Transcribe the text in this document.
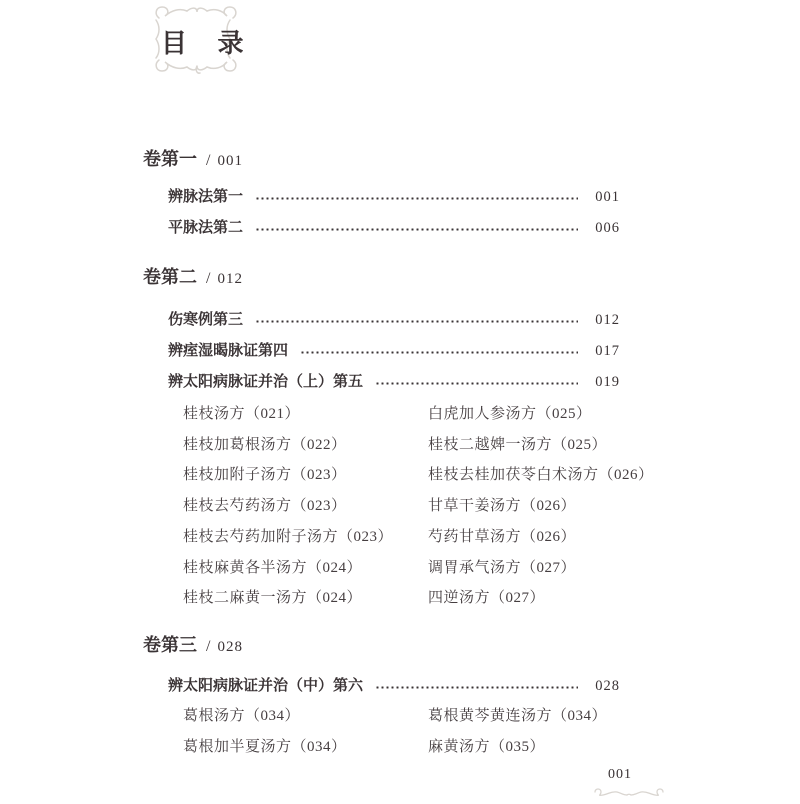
目 录
卷第一 / 001
辨脉法第一	001
平脉法第二	006
卷第二 / 012
伤寒例第三	012
辨痓湿暍脉证第四	017
辨太阳病脉证并治（上）第五	019
桂枝汤方（021）	白虎加人参汤方（025）
桂枝加葛根汤方（022）	桂枝二越婢一汤方（025）
桂枝加附子汤方（023）	桂枝去桂加茯苓白术汤方（026）
桂枝去芍药汤方（023）	甘草干姜汤方（026）
桂枝去芍药加附子汤方（023）	芍药甘草汤方（026）
桂枝麻黄各半汤方（024）	调胃承气汤方（027）
桂枝二麻黄一汤方（024）	四逆汤方（027）
卷第三 / 028
辨太阳病脉证并治（中）第六	028
葛根汤方（034）	葛根黄芩黄连汤方（034）
葛根加半夏汤方（034）	麻黄汤方（035）
001
